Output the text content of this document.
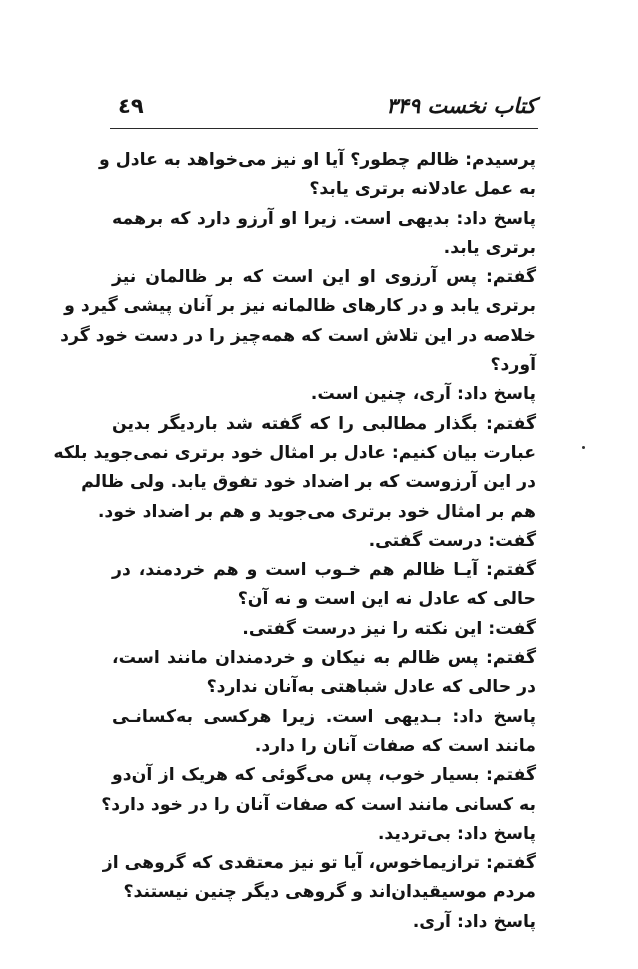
کتاب نخست ۳۴۹
٤٩
پرسیدم: ظالم چطور؟ آیا او نیز می‌خواهد به عادل و
به عمل عادلانه برتری یابد؟
پاسخ داد: بدیهی است. زیرا او آرزو دارد که برهمه
برتری یابد.
گفتم: پس آرزوی او این است که بر ظالمان نیز
برتری یابد و در کارهای ظالمانه نیز بر آنان پیشی گیرد و
خلاصه در این تلاش است که همه‌چیز را در دست خود گرد
آورد؟
پاسخ داد: آری، چنین است.
گفتم: بگذار مطالبی را که گفته شد باردیگر بدین
عبارت بیان کنیم: عادل بر امثال خود برتری نمی‌جوید بلکه
در این آرزوست که بر اضداد خود تفوق یابد. ولی ظالم
هم بر امثال خود برتری می‌جوید و هم بر اضداد خود.
گفت: درست گفتی.
گفتم: آیـا ظالم هم خـوب است و هم خردمند، در
حالی که عادل نه این است و نه آن؟
گفت: این نکته را نیز درست گفتی.
گفتم: پس ظالم به نیکان و خردمندان مانند است،
در حالی که عادل شباهتی به‌آنان ندارد؟
پاسخ داد: بـدیهی است. زیرا هرکسی به‌کسانـی
مانند است که صفات آنان را دارد.
گفتم: بسیار خوب، پس می‌گوئی که هریک از آن‌دو
به کسانی مانند است که صفات آنان را در خود دارد؟
پاسخ داد: بی‌تردید.
گفتم: ترازیماخوس، آیا تو نیز معتقدی که گروهی از
مردم موسیقیدان‌اند و گروهی دیگر چنین نیستند؟
پاسخ داد: آری.
